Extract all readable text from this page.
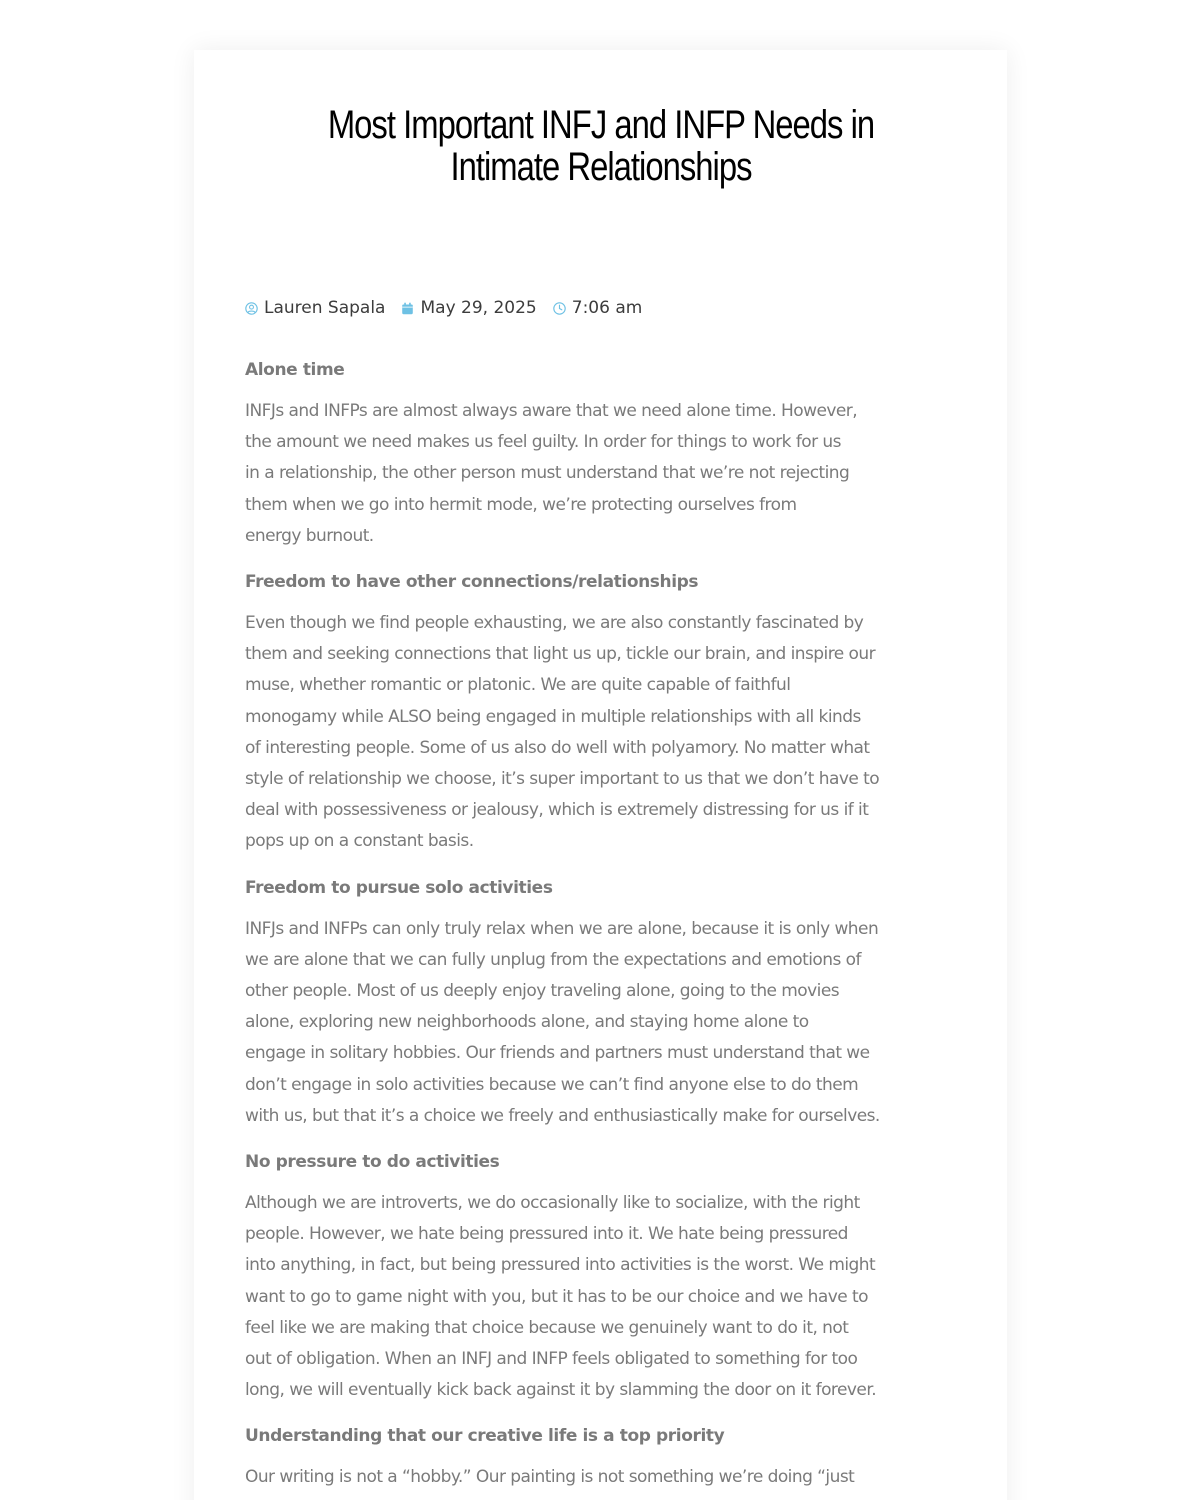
Most Important INFJ and INFP Needs in
Intimate Relationships
Lauren Sapala May 29, 2025 7:06 am
Alone time

INFJs and INFPs are almost always aware that we need alone time. However,
the amount we need makes us feel guilty. In order for things to work for us
in a relationship, the other person must understand that we’re not rejecting
them when we go into hermit mode, we’re protecting ourselves from
energy burnout.

Freedom to have other connections/relationships

Even though we find people exhausting, we are also constantly fascinated by
them and seeking connections that light us up, tickle our brain, and inspire our
muse, whether romantic or platonic. We are quite capable of faithful
monogamy while ALSO being engaged in multiple relationships with all kinds
of interesting people. Some of us also do well with polyamory. No matter what
style of relationship we choose, it’s super important to us that we don’t have to
deal with possessiveness or jealousy, which is extremely distressing for us if it
pops up on a constant basis.

Freedom to pursue solo activities

INFJs and INFPs can only truly relax when we are alone, because it is only when
we are alone that we can fully unplug from the expectations and emotions of
other people. Most of us deeply enjoy traveling alone, going to the movies
alone, exploring new neighborhoods alone, and staying home alone to
engage in solitary hobbies. Our friends and partners must understand that we
don’t engage in solo activities because we can’t find anyone else to do them
with us, but that it’s a choice we freely and enthusiastically make for ourselves.

No pressure to do activities

Although we are introverts, we do occasionally like to socialize, with the right
people. However, we hate being pressured into it. We hate being pressured
into anything, in fact, but being pressured into activities is the worst. We might
want to go to game night with you, but it has to be our choice and we have to
feel like we are making that choice because we genuinely want to do it, not
out of obligation. When an INFJ and INFP feels obligated to something for too
long, we will eventually kick back against it by slamming the door on it forever.

Understanding that our creative life is a top priority

Our writing is not a “hobby.” Our painting is not something we’re doing “just
